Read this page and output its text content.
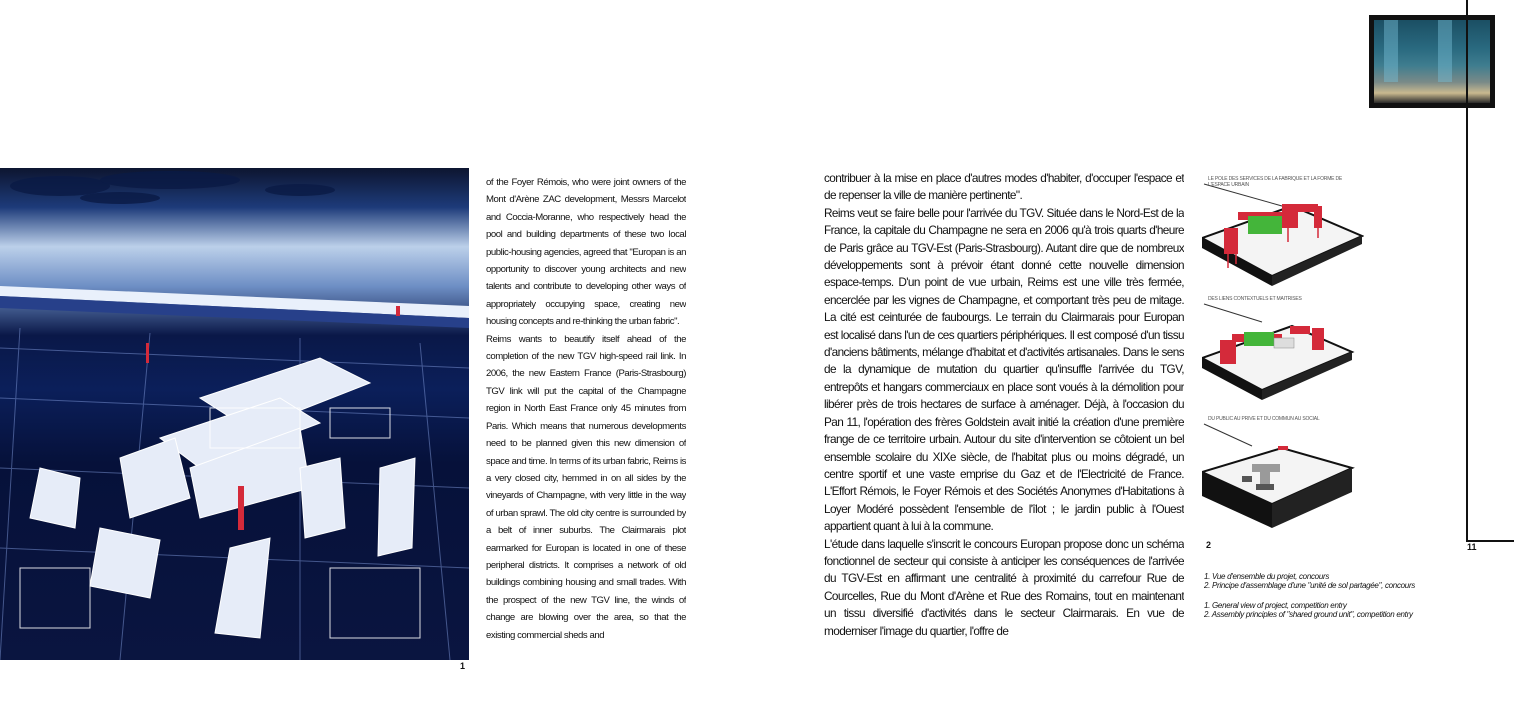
1

of the Foyer Rémois, who were joint owners of the Mont d'Arène ZAC development, Messrs Marcelot and Coccia-Moranne, who respectively head the pool and building departments of these two local public-housing agencies, agreed that "Europan is an opportunity to discover young architects and new talents and contribute to developing other ways of appropriately occupying space, creating new housing concepts and re-thinking the urban fabric".

Reims wants to beautify itself ahead of the completion of the new TGV high-speed rail link. In 2006, the new Eastern France (Paris-Strasbourg) TGV link will put the capital of the Champagne region in North East France only 45 minutes from Paris. Which means that numerous developments need to be planned given this new dimension of space and time. In terms of its urban fabric, Reims is a very closed city, hemmed in on all sides by the vineyards of Champagne, with very little in the way of urban sprawl. The old city centre is surrounded by a belt of inner suburbs. The Clairmarais plot earmarked for Europan is located in one of these peripheral districts. It comprises a network of old buildings combining housing and small trades. With the prospect of the new TGV line, the winds of change are blowing over the area, so that the existing commercial sheds and

contribuer à la mise en place d'autres modes d'habiter, d'occuper l'espace et de repenser la ville de manière pertinente".

Reims veut se faire belle pour l'arrivée du TGV. Située dans le Nord-Est de la France, la capitale du Champagne ne sera en 2006 qu'à trois quarts d'heure de Paris grâce au TGV-Est (Paris-Strasbourg). Autant dire que de nombreux développements sont à prévoir étant donné cette nouvelle dimension espace-temps. D'un point de vue urbain, Reims est une ville très fermée, encerclée par les vignes de Champagne, et comportant très peu de mitage. La cité est ceinturée de faubourgs. Le terrain du Clairmarais pour Europan est localisé dans l'un de ces quartiers périphériques. Il est composé d'un tissu d'anciens bâtiments, mélange d'habitat et d'activités artisanales. Dans le sens de la dynamique de mutation du quartier qu'insuffle l'arrivée du TGV, entrepôts et hangars commerciaux en place sont voués à la démolition pour libérer près de trois hectares de surface à aménager. Déjà, à l'occasion du Pan 11, l'opération des frères Goldstein avait initié la création d'une première frange de ce territoire urbain. Autour du site d'intervention se côtoient un bel ensemble scolaire du XIXe siècle, de l'habitat plus ou moins dégradé, un centre sportif et une vaste emprise du Gaz et de l'Electricité de France. L'Effort Rémois, le Foyer Rémois et des Sociétés Anonymes d'Habitations à Loyer Modéré possèdent l'ensemble de l'îlot ; le jardin public à l'Ouest appartient quant à lui à la commune.

L'étude dans laquelle s'inscrit le concours Europan propose donc un schéma fonctionnel de secteur qui consiste à anticiper les conséquences de l'arrivée du TGV-Est en affirmant une centralité à proximité du carrefour Rue de Courcelles, Rue du Mont d'Arène et Rue des Romains, tout en maintenant un tissu diversifié d'activités dans le secteur Clairmarais. En vue de moderniser l'image du quartier, l'offre de

LE POLE DES SERVICES DE LA FABRIQUE ET LA FORME DE L'ESPACE URBAIN
DES LIENS CONTEXTUELS ET MAITRISES
DU PUBLIC AU PRIVE ET DU COMMUN AU SOCIAL
2

1. Vue d'ensemble du projet, concours

2. Principe d'assemblage d'une "unité de sol partagée", concours

1. General view of project, competition entry

2. Assembly principles of "shared ground unit", competition entry

11
